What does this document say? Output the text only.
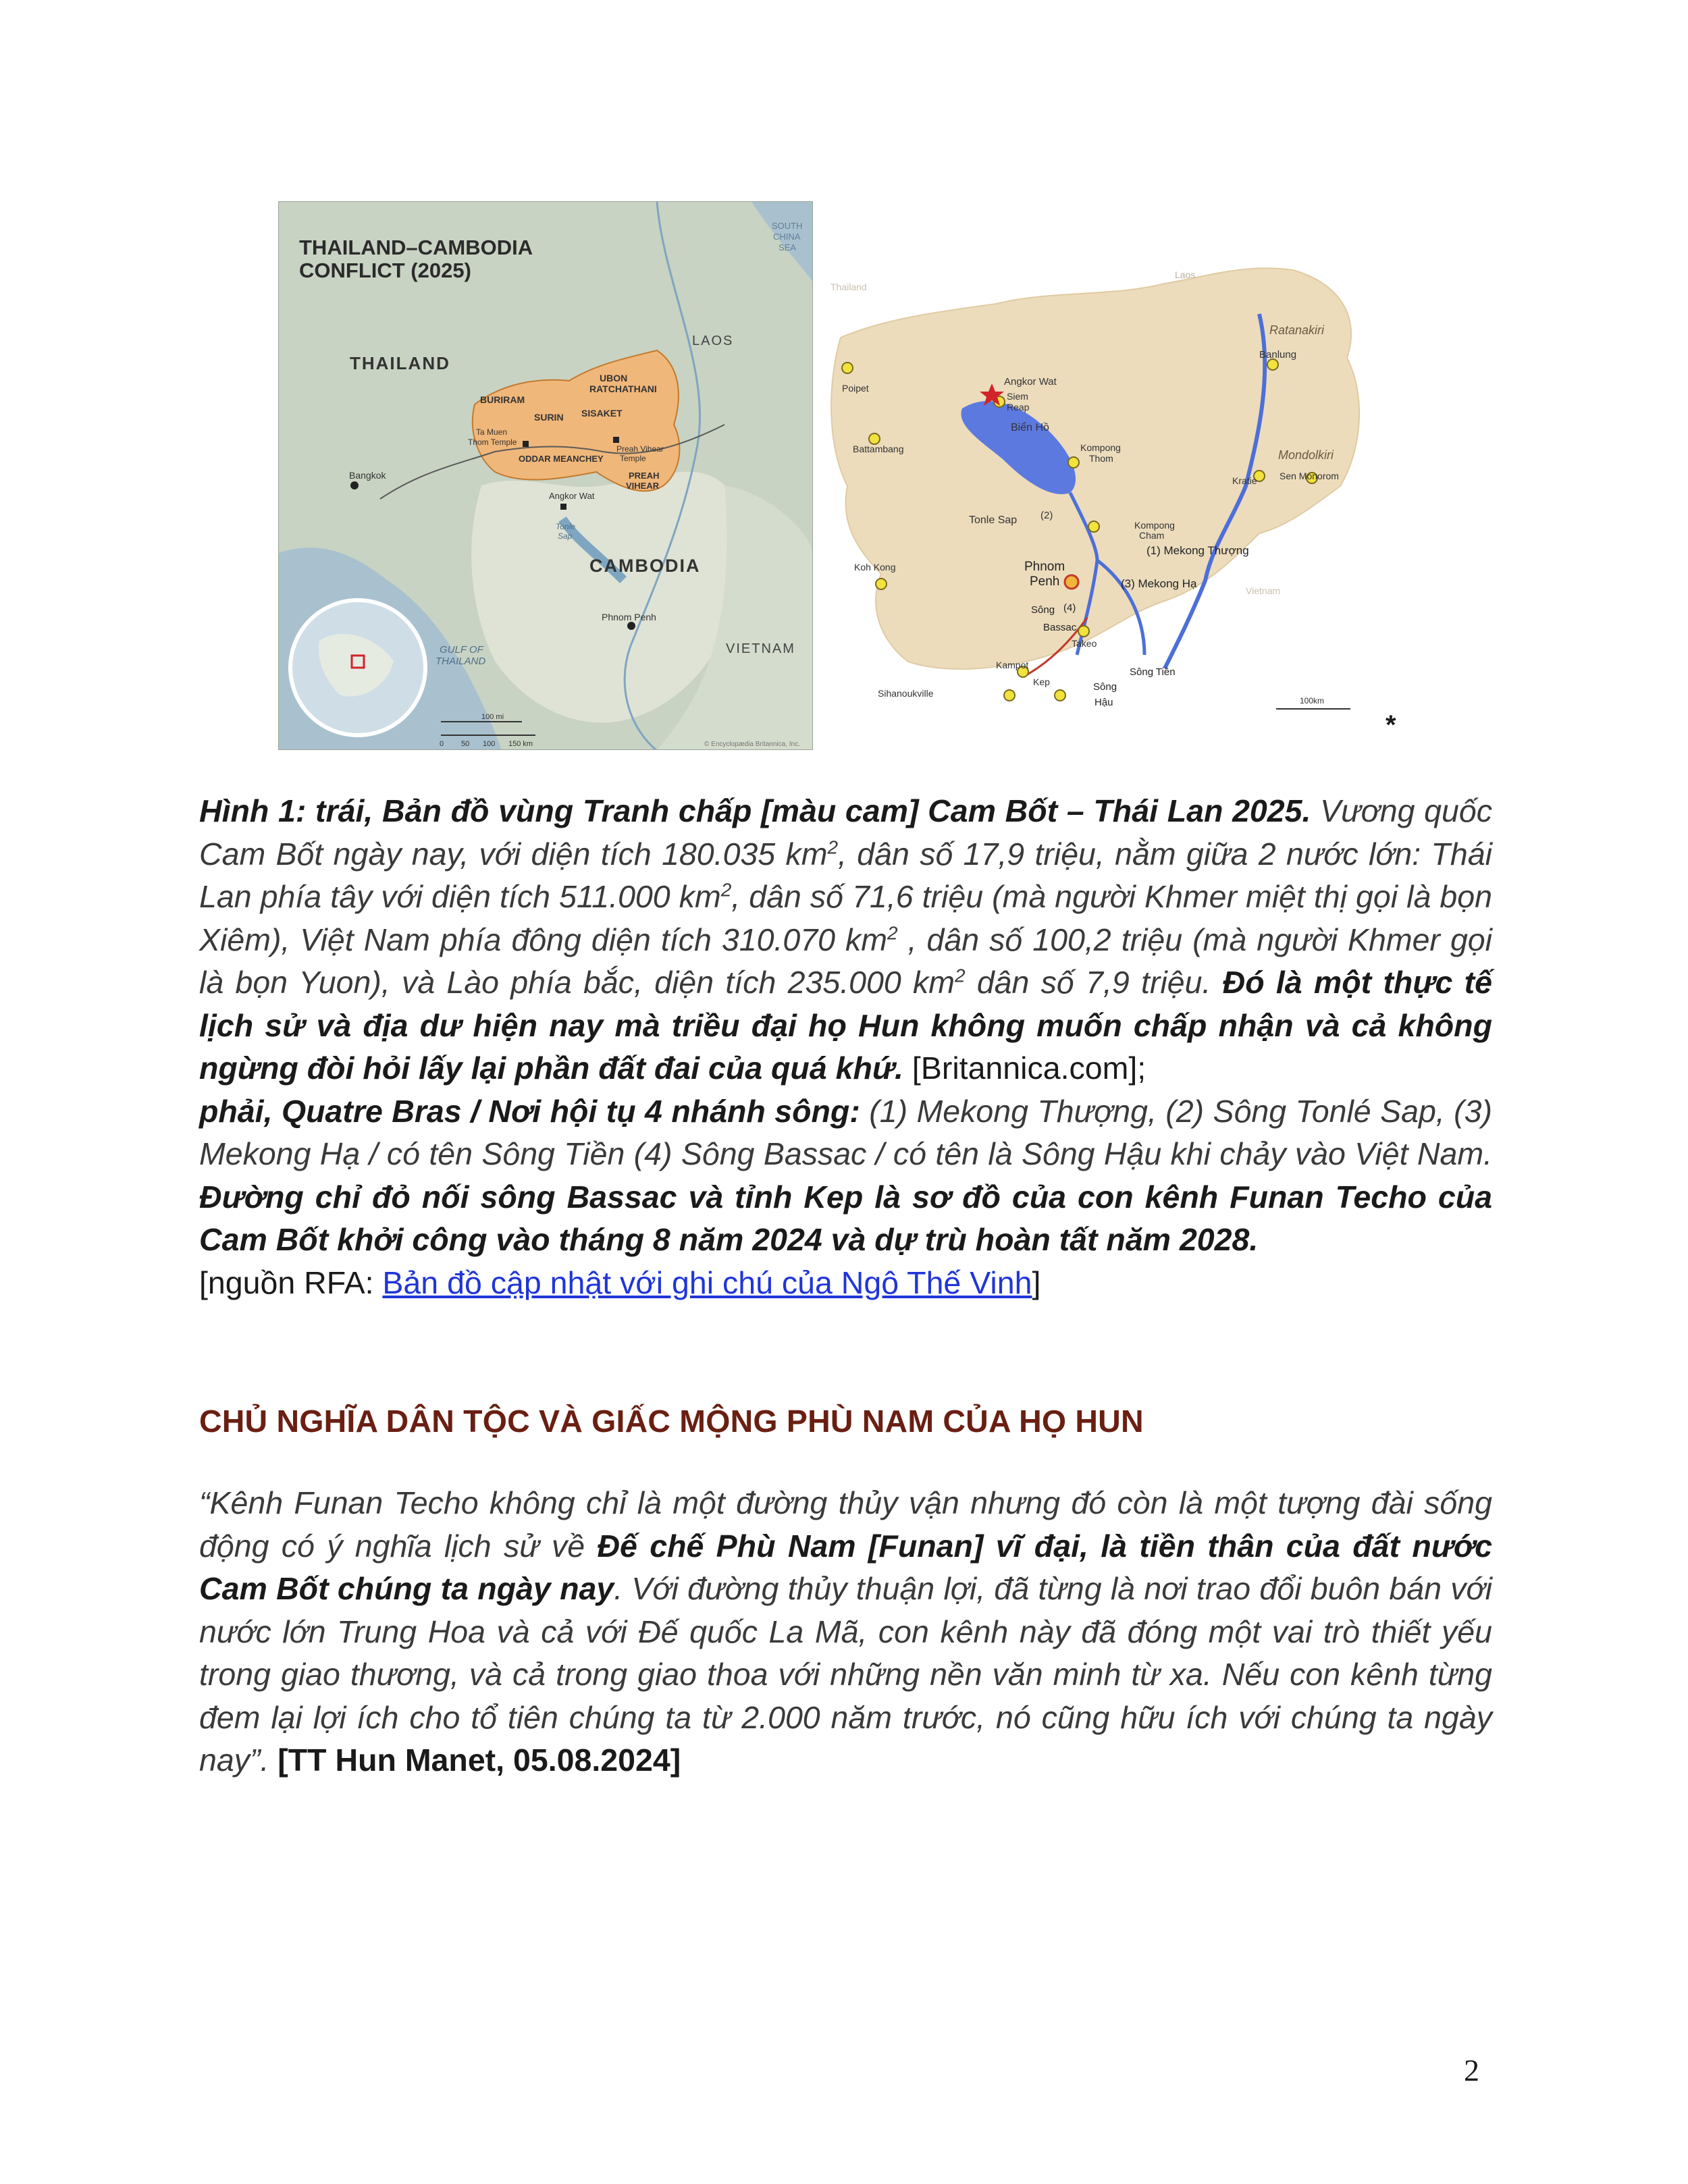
THAILAND–CAMBODIA
CONFLICT (2025)
SOUTH
CHINA
SEA
LAOS
THAILAND
CAMBODIA
VIETNAM
GULF OF
THAILAND
UBON
RATCHATHANI
BURIRAM
SURIN SISAKET
Ta Muen
Thom Temple
ODDAR MEANCHEY
Preah Vihear
Temple
PREAH
VIHEAR
Bangkok
Angkor Wat
Tonle
Sap
Phnom Penh
100 mi
150 km
0 50 100	© Encyclopædia Britannica, Inc.
Laos
Thailand
Vietnam
Ratanakiri
Banlung
Angkor Wat
Siem
Reap
Biển Hồ
Poipet
Battambang	Kompong
Thom	Mondolkiri
Sen Monorom
Kratie
Tonle Sap (2)
Kompong
Cham
(1) Mekong Thượng
(3) Mekong Hạ
Koh Kong	Phnom
Penh
Sông (4)
Bassac
Takeo
Kampot
Kep
Sông Tiền
Sông
Hậu
Sihanoukville
100km
*
Hình 1: trái, Bản đồ vùng Tranh chấp [màu cam] Cam Bốt – Thái Lan 2025. Vương quốc Cam Bốt ngày nay, với diện tích 180.035 $km^2$, dân số 17,9 triệu, nằm giữa 2 nước lớn: Thái Lan phía tây với diện tích 511.000 $km^2$, dân số 71,6 triệu (mà người Khmer miệt thị gọi là bọn Xiêm), Việt Nam phía đông diện tích 310.070 $km^2$ , dân số 100,2 triệu (mà người Khmer gọi là bọn Yuon), và Lào phía bắc, diện tích 235.000 $km^2$ dân số 7,9 triệu. Đó là một thực tế lịch sử và địa dư hiện nay mà triều đại họ Hun không muốn chấp nhận và cả không ngừng đòi hỏi lấy lại phần đất đai của quá khứ. [Britannica.com];
phải, Quatre Bras / Nơi hội tụ 4 nhánh sông: (1) Mekong Thượng, (2) Sông Tonlé Sap, (3) Mekong Hạ / có tên Sông Tiền (4) Sông Bassac / có tên là Sông Hậu khi chảy vào Việt Nam. Đường chỉ đỏ nối sông Bassac và tỉnh Kep là sơ đồ của con kênh Funan Techo của Cam Bốt khởi công vào tháng 8 năm 2024 và dự trù hoàn tất năm 2028.
[nguồn RFA: Bản đồ cập nhật với ghi chú của Ngô Thế Vinh]
CHỦ NGHĨA DÂN TỘC VÀ GIẤC MỘNG PHÙ NAM CỦA HỌ HUN
“Kênh Funan Techo không chỉ là một đường thủy vận nhưng đó còn là một tượng đài sống động có ý nghĩa lịch sử về Đế chế Phù Nam [Funan] vĩ đại, là tiền thân của đất nước Cam Bốt chúng ta ngày nay. Với đường thủy thuận lợi, đã từng là nơi trao đổi buôn bán với nước lớn Trung Hoa và cả với Đế quốc La Mã, con kênh này đã đóng một vai trò thiết yếu trong giao thương, và cả trong giao thoa với những nền văn minh từ xa. Nếu con kênh từng đem lại lợi ích cho tổ tiên chúng ta từ 2.000 năm trước, nó cũng hữu ích với chúng ta ngày nay”. [TT Hun Manet, 05.08.2024]
2
